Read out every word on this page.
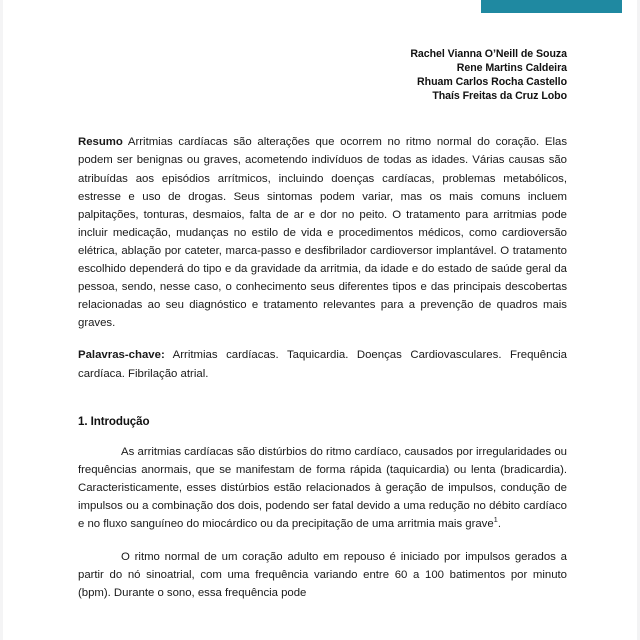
Rachel Vianna O’Neill de Souza
Rene Martins Caldeira
Rhuam Carlos Rocha Castello
Thaís Freitas da Cruz Lobo

Resumo Arritmias cardíacas são alterações que ocorrem no ritmo normal do coração. Elas podem ser benignas ou graves, acometendo indivíduos de todas as idades. Várias causas são atribuídas aos episódios arrítmicos, incluindo doenças cardíacas, problemas metabólicos, estresse e uso de drogas. Seus sintomas podem variar, mas os mais comuns incluem palpitações, tonturas, desmaios, falta de ar e dor no peito. O tratamento para arritmias pode incluir medicação, mudanças no estilo de vida e procedimentos médicos, como cardioversão elétrica, ablação por cateter, marca-passo e desfibrilador cardioversor implantável. O tratamento escolhido dependerá do tipo e da gravidade da arritmia, da idade e do estado de saúde geral da pessoa, sendo, nesse caso, o conhecimento seus diferentes tipos e das principais descobertas relacionadas ao seu diagnóstico e tratamento relevantes para a prevenção de quadros mais graves.

Palavras-chave: Arritmias cardíacas. Taquicardia. Doenças Cardiovasculares. Frequência cardíaca. Fibrilação atrial.

1. Introdução

As arritmias cardíacas são distúrbios do ritmo cardíaco, causados por irregularidades ou frequências anormais, que se manifestam de forma rápida (taquicardia) ou lenta (bradicardia). Caracteristicamente, esses distúrbios estão relacionados à geração de impulsos, condução de impulsos ou a combinação dos dois, podendo ser fatal devido a uma redução no débito cardíaco e no fluxo sanguíneo do miocárdico ou da precipitação de uma arritmia mais grave$^1$.

O ritmo normal de um coração adulto em repouso é iniciado por impulsos gerados a partir do nó sinoatrial, com uma frequência variando entre 60 a 100 batimentos por minuto (bpm). Durante o sono, essa frequência pode
